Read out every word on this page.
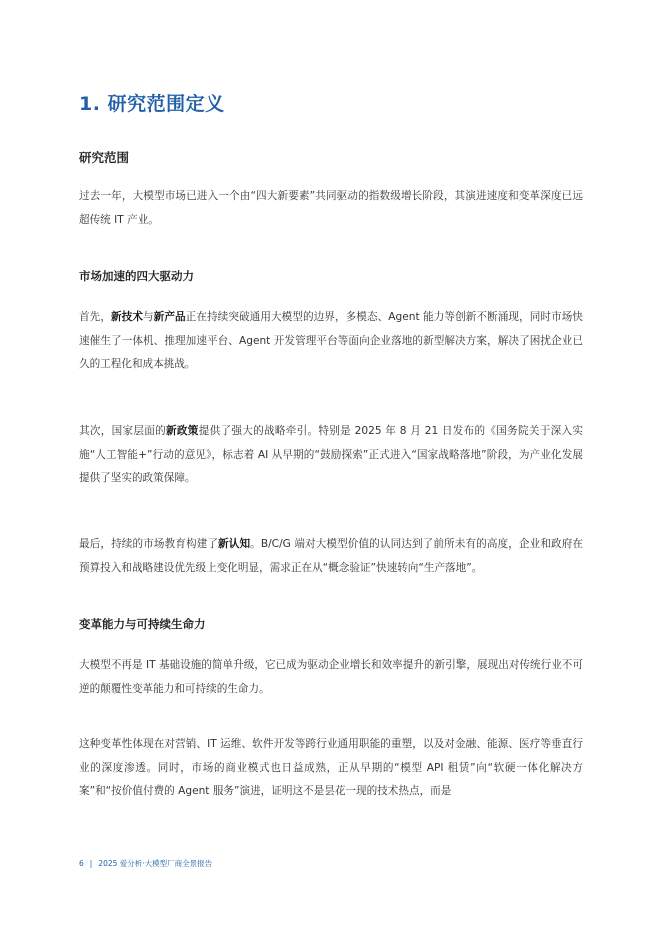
1. 研究范围定义
研究范围

过去一年，大模型市场已进入一个由“四大新要素”共同驱动的指数级增长阶段，其演进速度和变革深度已远超传统 IT 产业。

市场加速的四大驱动力

首先，新技术与新产品正在持续突破通用大模型的边界，多模态、Agent 能力等创新不断涌现，同时市场快速催生了一体机、推理加速平台、Agent 开发管理平台等面向企业落地的新型解决方案，解决了困扰企业已久的工程化和成本挑战。

其次，国家层面的新政策提供了强大的战略牵引。特别是 2025 年 8 月 21 日发布的《国务院关于深入实施“人工智能+”行动的意见》，标志着 AI 从早期的“鼓励探索”正式进入“国家战略落地”阶段，为产业化发展提供了坚实的政策保障。

最后，持续的市场教育构建了新认知。B/C/G 端对大模型价值的认同达到了前所未有的高度，企业和政府在预算投入和战略建设优先级上变化明显，需求正在从“概念验证”快速转向“生产落地”。

变革能力与可持续生命力

大模型不再是 IT 基础设施的简单升级，它已成为驱动企业增长和效率提升的新引擎，展现出对传统行业不可逆的颠覆性变革能力和可持续的生命力。

这种变革性体现在对营销、IT 运维、软件开发等跨行业通用职能的重塑，以及对金融、能源、医疗等垂直行业的深度渗透。同时，市场的商业模式也日益成熟，正从早期的“模型 API 租赁”向“软硬一体化解决方案”和“按价值付费的 Agent 服务”演进，证明这不是昙花一现的技术热点，而是

6 | 2025 爱分析·大模型厂商全景报告
